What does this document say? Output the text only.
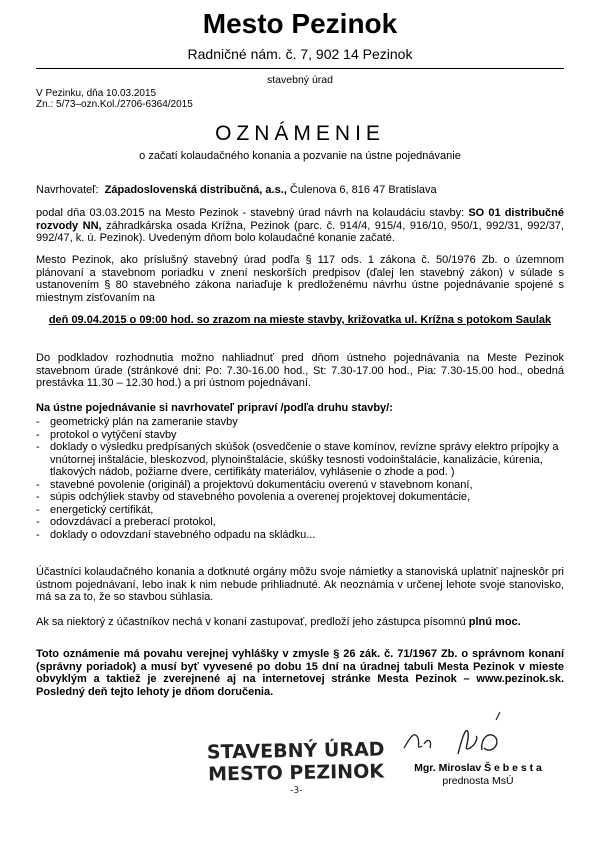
Mesto Pezinok
Radničné nám. č. 7, 902 14 Pezinok
stavebný úrad
V Pezinku, dňa 10.03.2015
Zn.: 5/73–ozn.Kol./2706-6364/2015
OZNÁMENIE
o začatí kolaudačného konania a pozvanie na ústne pojednávanie
Navrhovateľ: Západoslovenská distribučná, a.s., Čulenova 6, 816 47 Bratislava
podal dňa 03.03.2015 na Mesto Pezinok - stavebný úrad návrh na kolaudáciu stavby: SO 01 distribučné rozvody NN, záhradkárska osada Krížna, Pezinok (parc. č. 914/4, 915/4, 916/10, 950/1, 992/31, 992/37, 992/47, k. ú. Pezinok). Uvedeným dňom bolo kolaudačné konanie začaté.
Mesto Pezinok, ako príslušný stavebný úrad podľa § 117 ods. 1 zákona č. 50/1976 Zb. o územnom plánovaní a stavebnom poriadku v znení neskorších predpisov (ďalej len stavebný zákon) v súlade s ustanovením § 80 stavebného zákona nariaďuje k predloženému návrhu ústne pojednávanie spojené s miestnym zisťovaním na
deň 09.04.2015 o 09:00 hod. so zrazom na mieste stavby, križovatka ul. Krížna s potokom Saulak
Do podkladov rozhodnutia možno nahliadnuť pred dňom ústneho pojednávania na Meste Pezinok stavebnom úrade (stránkové dni: Po: 7.30-16.00 hod., St: 7.30-17.00 hod., Pia: 7.30-15.00 hod., obedná prestávka 11.30 – 12.30 hod.) a pri ústnom pojednávaní.
Na ústne pojednávanie si navrhovateľ pripraví /podľa druhu stavby/:
- geometrický plán na zameranie stavby
- protokol o vytýčení stavby
- doklady o výsledku predpísaných skúšok (osvedčenie o stave komínov, revízne správy elektro prípojky a vnútornej inštalácie, bleskozvod, plynoinštalácie, skúšky tesnosti vodoinštalácie, kanalizácie, kúrenia, tlakových nádob, požiarne dvere, certifikáty materiálov, vyhlásenie o zhode a pod. )
- stavebné povolenie (originál) a projektovú dokumentáciu overenú v stavebnom konaní,
- súpis odchýliek stavby od stavebného povolenia a overenej projektovej dokumentácie,
- energetický certifikát,
- odovzdávací a preberací protokol,
- doklady o odovzdaní stavebného odpadu na skládku...
Účastníci kolaudačného konania a dotknuté orgány môžu svoje námietky a stanoviská uplatniť najneskôr pri ústnom pojednávaní, lebo inak k nim nebude prihliadnuté. Ak neoznámia v určenej lehote svoje stanovisko, má sa za to, že so stavbou súhlasia.
Ak sa niektorý z účastníkov nechá v konaní zastupovať, predloží jeho zástupca písomnú plnú moc.
Toto oznámenie má povahu verejnej vyhlášky v zmysle § 26 zák. č. 71/1967 Zb. o správnom konaní (správny poriadok) a musí byť vyvesené po dobu 15 dní na úradnej tabuli Mesta Pezinok v mieste obvyklým a taktiež je zverejnené aj na internetovej stránke Mesta Pezinok – www.pezinok.sk. Posledný deň tejto lehoty je dňom doručenia.
STAVEBNÝ ÚRAD
MESTO PEZINOK
-3-
Mgr. Miroslav Š e b e s t a
prednosta MsÚ
